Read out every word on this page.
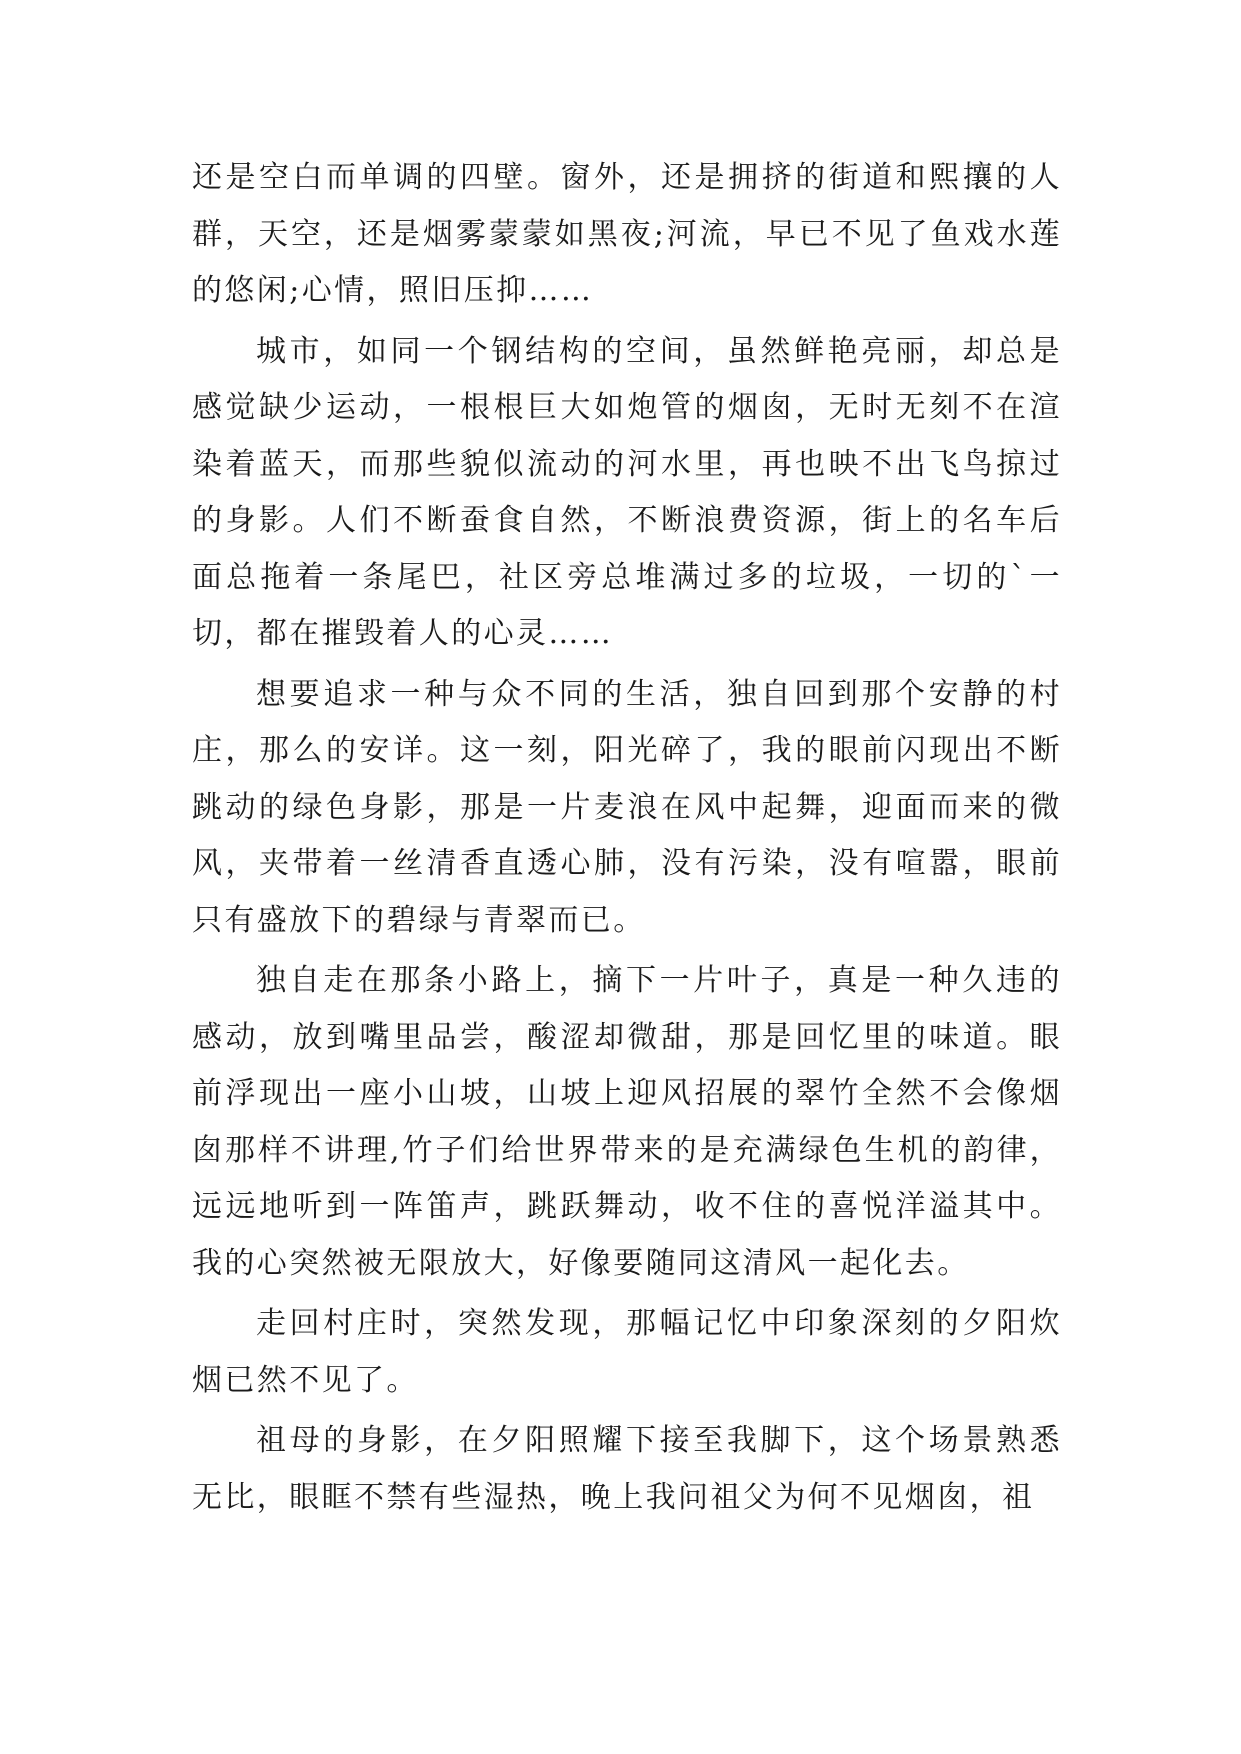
还是空白而单调的四壁。窗外，还是拥挤的街道和熙攘的人群，天空，还是烟雾蒙蒙如黑夜;河流，早已不见了鱼戏水莲的悠闲;心情，照旧压抑……

城市，如同一个钢结构的空间，虽然鲜艳亮丽，却总是感觉缺少运动，一根根巨大如炮管的烟囱，无时无刻不在渲染着蓝天，而那些貌似流动的河水里，再也映不出飞鸟掠过的身影。人们不断蚕食自然，不断浪费资源，街上的名车后面总拖着一条尾巴，社区旁总堆满过多的垃圾，一切的`一切，都在摧毁着人的心灵……

想要追求一种与众不同的生活，独自回到那个安静的村庄，那么的安详。这一刻，阳光碎了，我的眼前闪现出不断跳动的绿色身影，那是一片麦浪在风中起舞，迎面而来的微风，夹带着一丝清香直透心肺，没有污染，没有喧嚣，眼前只有盛放下的碧绿与青翠而已。

独自走在那条小路上，摘下一片叶子，真是一种久违的感动，放到嘴里品尝，酸涩却微甜，那是回忆里的味道。眼前浮现出一座小山坡，山坡上迎风招展的翠竹全然不会像烟囱那样不讲理,竹子们给世界带来的是充满绿色生机的韵律，远远地听到一阵笛声，跳跃舞动，收不住的喜悦洋溢其中。我的心突然被无限放大，好像要随同这清风一起化去。

走回村庄时，突然发现，那幅记忆中印象深刻的夕阳炊烟已然不见了。

祖母的身影，在夕阳照耀下接至我脚下，这个场景熟悉无比，眼眶不禁有些湿热，晚上我问祖父为何不见烟囱，祖
